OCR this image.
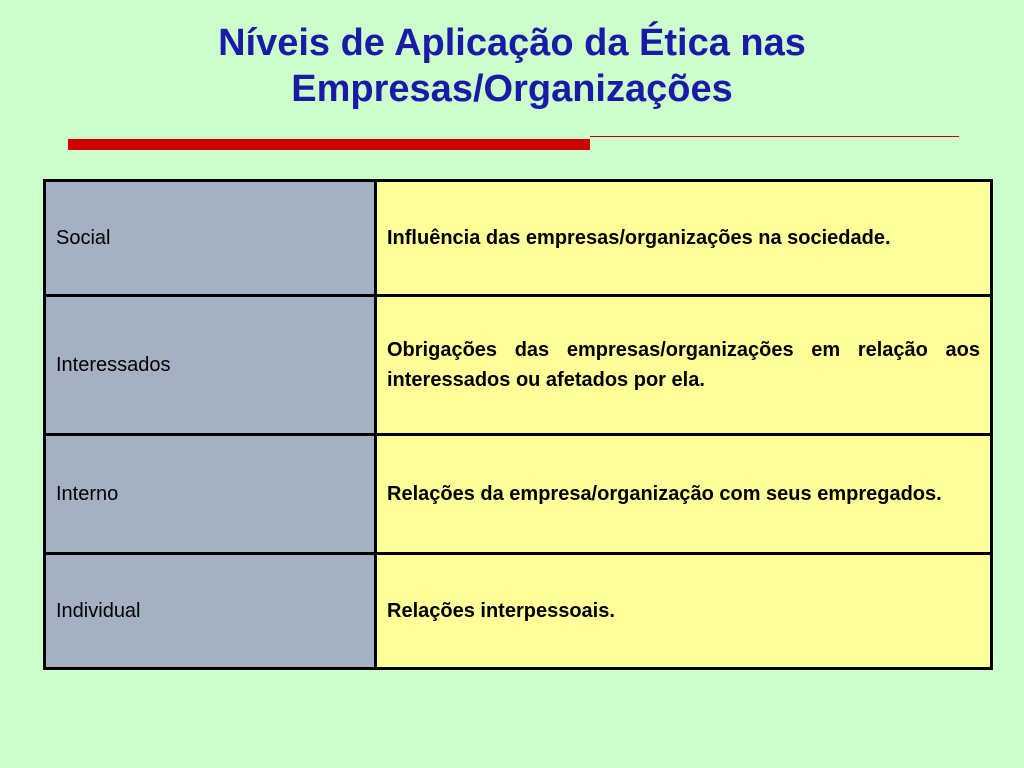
Níveis de Aplicação da Ética nas
Empresas/Organizações
Social	Influência das empresas/organizações na sociedade.
Interessados	Obrigações das empresas/organizações em relação aos interessados ou afetados por ela.
Interno	Relações da empresa/organização com seus empregados.
Individual	Relações interpessoais.
